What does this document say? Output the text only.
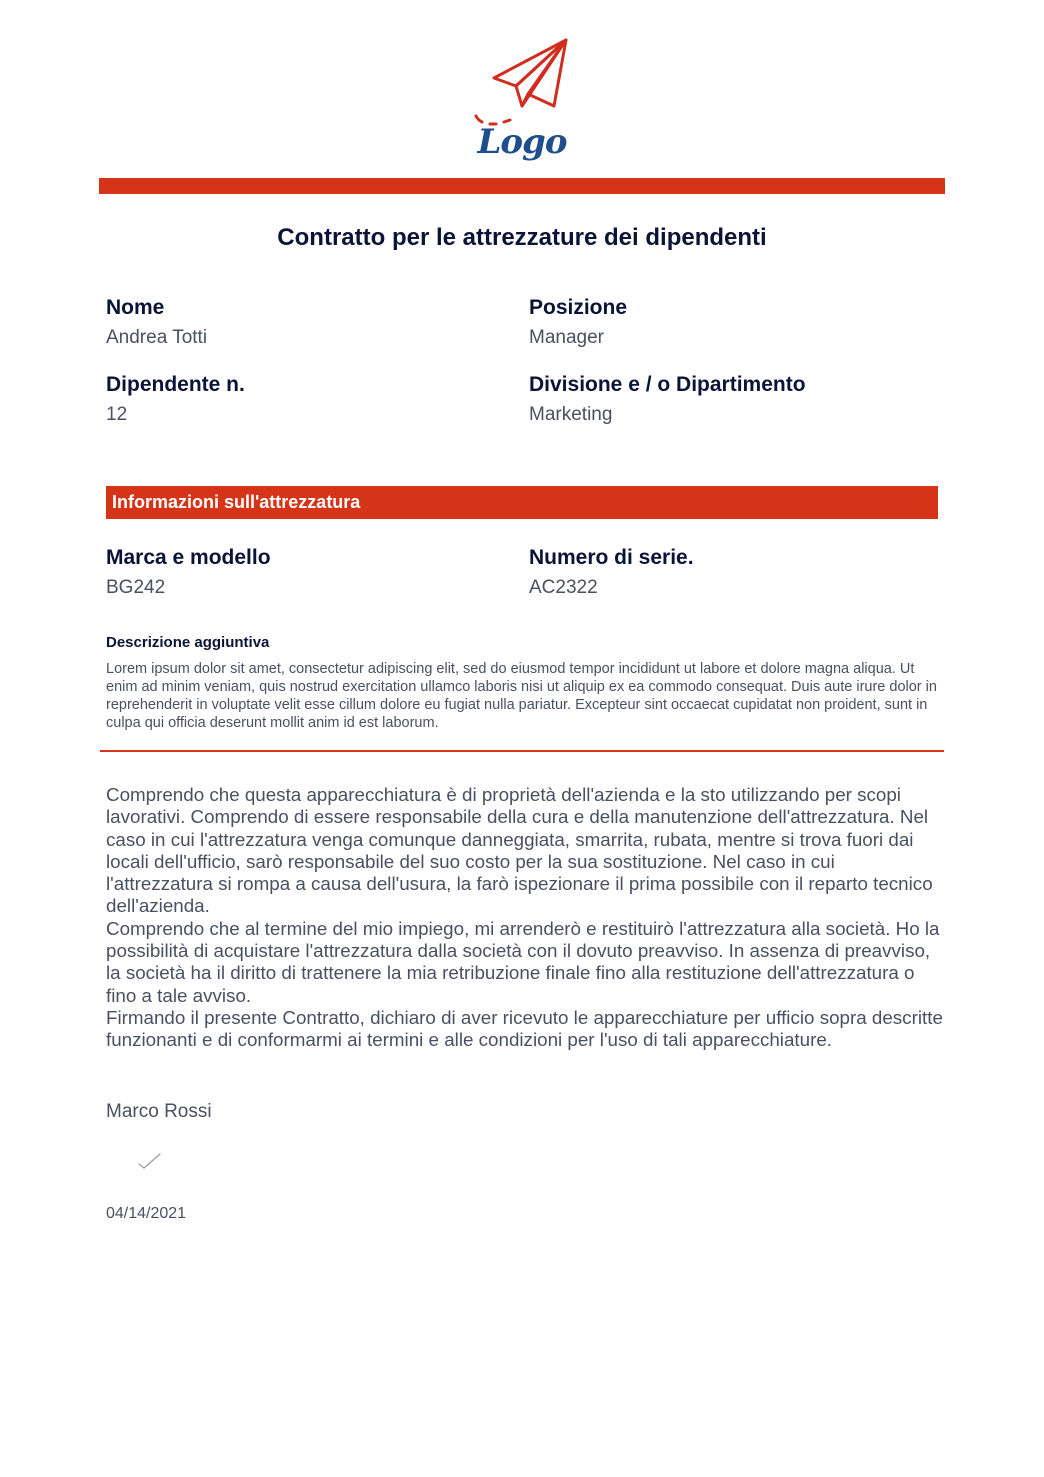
Logo
Contratto per le attrezzature dei dipendenti
Nome
Andrea Totti
Posizione
Manager
Dipendente n.
12
Divisione e / o Dipartimento
Marketing
Informazioni sull'attrezzatura
Marca e modello
BG242
Numero di serie.
AC2322
Descrizione aggiuntiva
Lorem ipsum dolor sit amet, consectetur adipiscing elit, sed do eiusmod tempor incididunt ut labore et dolore magna aliqua. Ut enim ad minim veniam, quis nostrud exercitation ullamco laboris nisi ut aliquip ex ea commodo consequat. Duis aute irure dolor in reprehenderit in voluptate velit esse cillum dolore eu fugiat nulla pariatur. Excepteur sint occaecat cupidatat non proident, sunt in culpa qui officia deserunt mollit anim id est laborum.

Comprendo che questa apparecchiatura è di proprietà dell'azienda e la sto utilizzando per scopi lavorativi. Comprendo di essere responsabile della cura e della manutenzione dell'attrezzatura. Nel caso in cui l'attrezzatura venga comunque danneggiata, smarrita, rubata, mentre si trova fuori dai locali dell'ufficio, sarò responsabile del suo costo per la sua sostituzione. Nel caso in cui l'attrezzatura si rompa a causa dell'usura, la farò ispezionare il prima possibile con il reparto tecnico dell'azienda.

Comprendo che al termine del mio impiego, mi arrenderò e restituirò l'attrezzatura alla società. Ho la possibilità di acquistare l'attrezzatura dalla società con il dovuto preavviso. In assenza di preavviso, la società ha il diritto di trattenere la mia retribuzione finale fino alla restituzione dell'attrezzatura o fino a tale avviso.

Firmando il presente Contratto, dichiaro di aver ricevuto le apparecchiature per ufficio sopra descritte funzionanti e di conformarmi ai termini e alle condizioni per l'uso di tali apparecchiature.

Marco Rossi
04/14/2021
